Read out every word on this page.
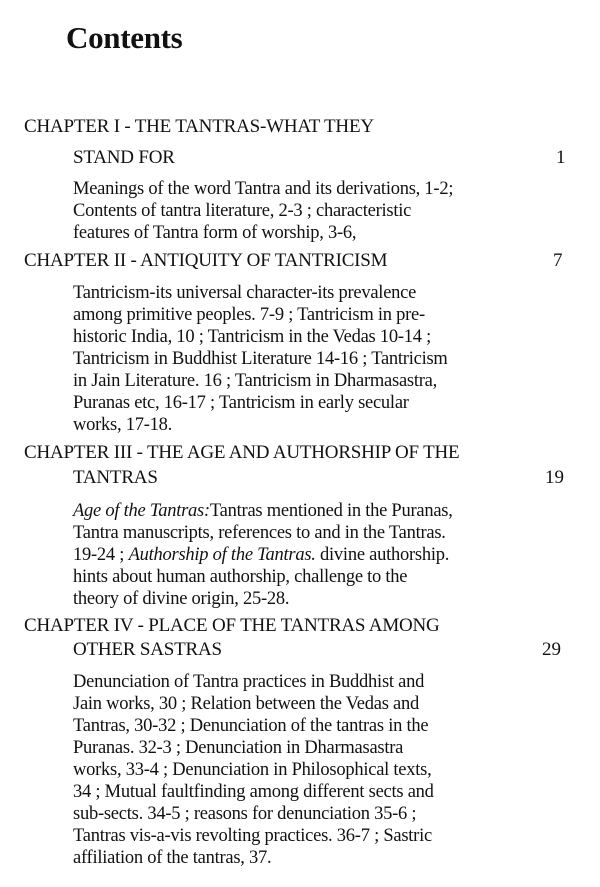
Contents
CHAPTER I - THE TANTRAS-WHAT THEY
STAND FOR	1
Meanings of the word Tantra and its derivations, 1-2;
Contents of tantra literature, 2-3 ; characteristic
features of Tantra form of worship, 3-6,
CHAPTER II - ANTIQUITY OF TANTRICISM	7
Tantricism-its universal character-its prevalence
among primitive peoples. 7-9 ; Tantricism in pre-
historic India, 10 ; Tantricism in the Vedas 10-14 ;
Tantricism in Buddhist Literature 14-16 ; Tantricism
in Jain Literature. 16 ; Tantricism in Dharmasastra,
Puranas etc, 16-17 ; Tantricism in early secular
works, 17-18.
CHAPTER III - THE AGE AND AUTHORSHIP OF THE
TANTRAS	19
Age of the Tantras:Tantras mentioned in the Puranas,
Tantra manuscripts, references to and in the Tantras.
19-24 ; Authorship of the Tantras. divine authorship.
hints about human authorship, challenge to the
theory of divine origin, 25-28.
CHAPTER IV - PLACE OF THE TANTRAS AMONG
OTHER SASTRAS	29
Denunciation of Tantra practices in Buddhist and
Jain works, 30 ; Relation between the Vedas and
Tantras, 30-32 ; Denunciation of the tantras in the
Puranas. 32-3 ; Denunciation in Dharmasastra
works, 33-4 ; Denunciation in Philosophical texts,
34 ; Mutual faultfinding among different sects and
sub-sects. 34-5 ; reasons for denunciation 35-6 ;
Tantras vis-a-vis revolting practices. 36-7 ; Sastric
affiliation of the tantras, 37.
